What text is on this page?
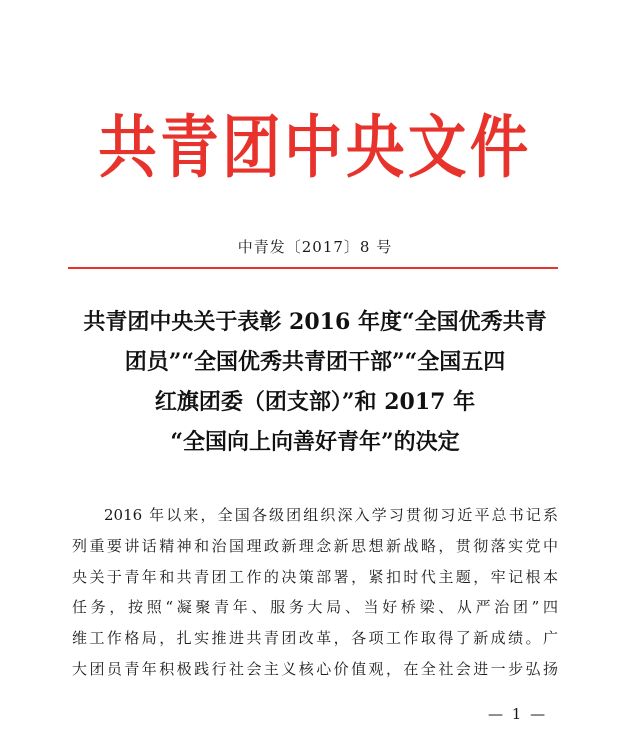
共青团中央文件
中青发〔2017〕8 号
共青团中央关于表彰 2016 年度“全国优秀共青
团员”“全国优秀共青团干部”“全国五四
红旗团委（团支部）”和 2017 年
“全国向上向善好青年”的决定
2016 年以来，全国各级团组织深入学习贯彻习近平总书记系
列重要讲话精神和治国理政新理念新思想新战略，贯彻落实党中
央关于青年和共青团工作的决策部署，紧扣时代主题，牢记根本
任务，按照“凝聚青年、服务大局、当好桥梁、从严治团”四
维工作格局，扎实推进共青团改革，各项工作取得了新成绩。广
大团员青年积极践行社会主义核心价值观，在全社会进一步弘扬
— 1 —
